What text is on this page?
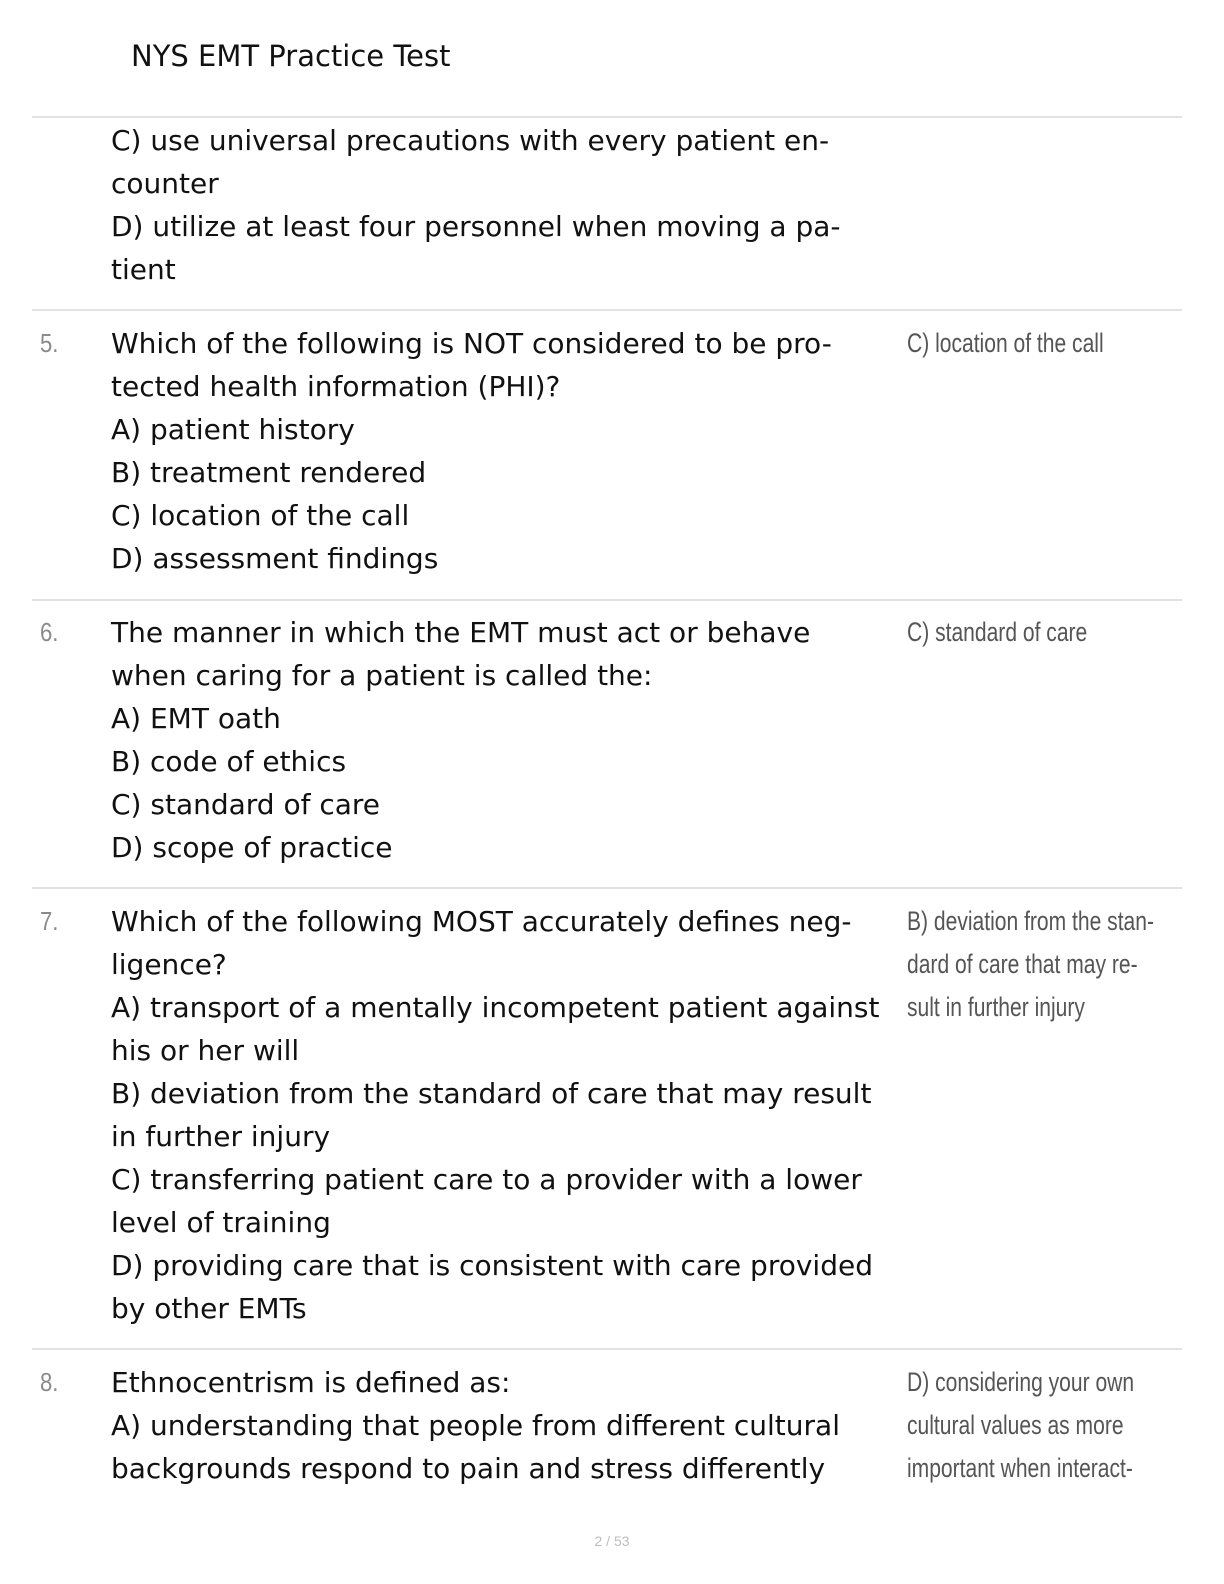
NYS EMT Practice Test
C) use universal precautions with every patient en-
counter
D) utilize at least four personnel when moving a pa-
tient
5. Which of the following is NOT considered to be pro-
tected health information (PHI)?
A) patient history
B) treatment rendered
C) location of the call
D) assessment findings
C) location of the call
6. The manner in which the EMT must act or behave
when caring for a patient is called the:
A) EMT oath
B) code of ethics
C) standard of care
D) scope of practice
C) standard of care
7. Which of the following MOST accurately defines neg-
ligence?
A) transport of a mentally incompetent patient against
his or her will
B) deviation from the standard of care that may result
in further injury
C) transferring patient care to a provider with a lower
level of training
D) providing care that is consistent with care provided
by other EMTs
B) deviation from the stan-
dard of care that may re-
sult in further injury
8. Ethnocentrism is defined as:
A) understanding that people from different cultural
backgrounds respond to pain and stress differently
D) considering your own
cultural values as more
important when interact-
2 / 53
